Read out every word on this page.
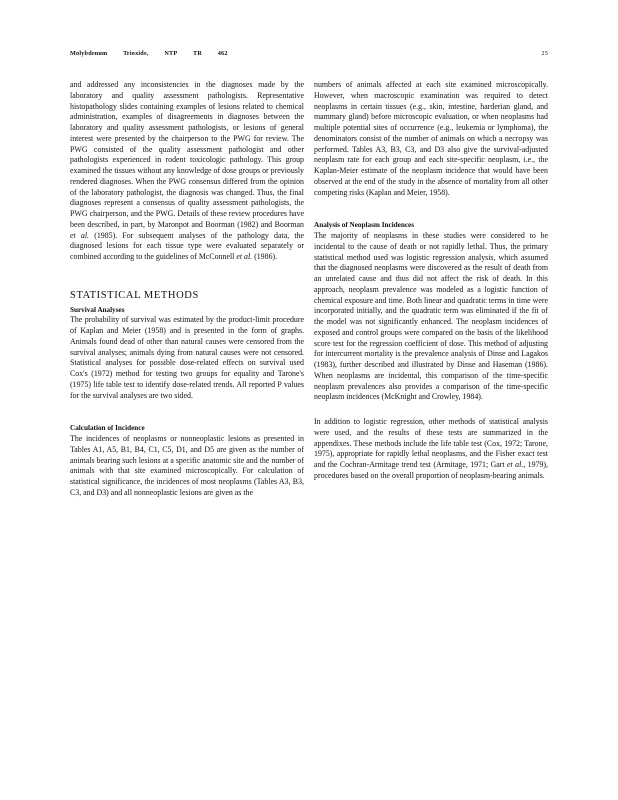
Molybdenum	Trioxide,	NTP	TR	462	25

and addressed any inconsistencies in the diagnoses made by the laboratory and quality assessment pathologists. Representative histopathology slides containing examples of lesions related to chemical administration, examples of disagreements in diagnoses between the laboratory and quality assessment pathologists, or lesions of general interest were presented by the chairperson to the PWG for review. The PWG consisted of the quality assessment pathologist and other pathologists experienced in rodent toxicologic pathology. This group examined the tissues without any knowledge of dose groups or previously rendered diagnoses. When the PWG consensus differed from the opinion of the laboratory pathologist, the diagnosis was changed. Thus, the final diagnoses represent a consensus of quality assessment pathologists, the PWG chairperson, and the PWG. Details of these review procedures have been described, in part, by Maronpot and Boorman (1982) and Boorman et al. (1985). For subsequent analyses of the pathology data, the diagnosed lesions for each tissue type were evaluated separately or combined according to the guidelines of McConnell et al. (1986).

STATISTICAL METHODS
Survival Analyses

The probability of survival was estimated by the product-limit procedure of Kaplan and Meier (1958) and is presented in the form of graphs. Animals found dead of other than natural causes were censored from the survival analyses; animals dying from natural causes were not censored. Statistical analyses for possible dose-related effects on survival used Cox's (1972) method for testing two groups for equality and Tarone's (1975) life table test to identify dose-related trends. All reported P values for the survival analyses are two sided.

Calculation of Incidence

The incidences of neoplasms or nonneoplastic lesions as presented in Tables A1, A5, B1, B4, C1, C5, D1, and D5 are given as the number of animals bearing such lesions at a specific anatomic site and the number of animals with that site examined microscopically. For calculation of statistical significance, the incidences of most neoplasms (Tables A3, B3, C3, and D3) and all nonneoplastic lesions are given as the

numbers of animals affected at each site examined microscopically. However, when macroscopic examination was required to detect neoplasms in certain tissues (e.g., skin, intestine, harderian gland, and mammary gland) before microscopic evaluation, or when neoplasms had multiple potential sites of occurrence (e.g., leukemia or lymphoma), the denominators consist of the number of animals on which a necropsy was performed. Tables A3, B3, C3, and D3 also give the survival-adjusted neoplasm rate for each group and each site-specific neoplasm, i.e., the Kaplan-Meier estimate of the neoplasm incidence that would have been observed at the end of the study in the absence of mortality from all other competing risks (Kaplan and Meier, 1958).

Analysis of Neoplasm Incidences

The majority of neoplasms in these studies were considered to be incidental to the cause of death or not rapidly lethal. Thus, the primary statistical method used was logistic regression analysis, which assumed that the diagnosed neoplasms were discovered as the result of death from an unrelated cause and thus did not affect the risk of death. In this approach, neoplasm prevalence was modeled as a logistic function of chemical exposure and time. Both linear and quadratic terms in time were incorporated initially, and the quadratic term was eliminated if the fit of the model was not significantly enhanced. The neoplasm incidences of exposed and control groups were compared on the basis of the likelihood score test for the regression coefficient of dose. This method of adjusting for intercurrent mortality is the prevalence analysis of Dinse and Lagakos (1983), further described and illustrated by Dinse and Haseman (1986). When neoplasms are incidental, this comparison of the time-specific neoplasm prevalences also provides a comparison of the time-specific neoplasm incidences (McKnight and Crowley, 1984).

In addition to logistic regression, other methods of statistical analysis were used, and the results of these tests are summarized in the appendixes. These methods include the life table test (Cox, 1972; Tarone, 1975), appropriate for rapidly lethal neoplasms, and the Fisher exact test and the Cochran-Armitage trend test (Armitage, 1971; Gart et al., 1979), procedures based on the overall proportion of neoplasm-bearing animals.
